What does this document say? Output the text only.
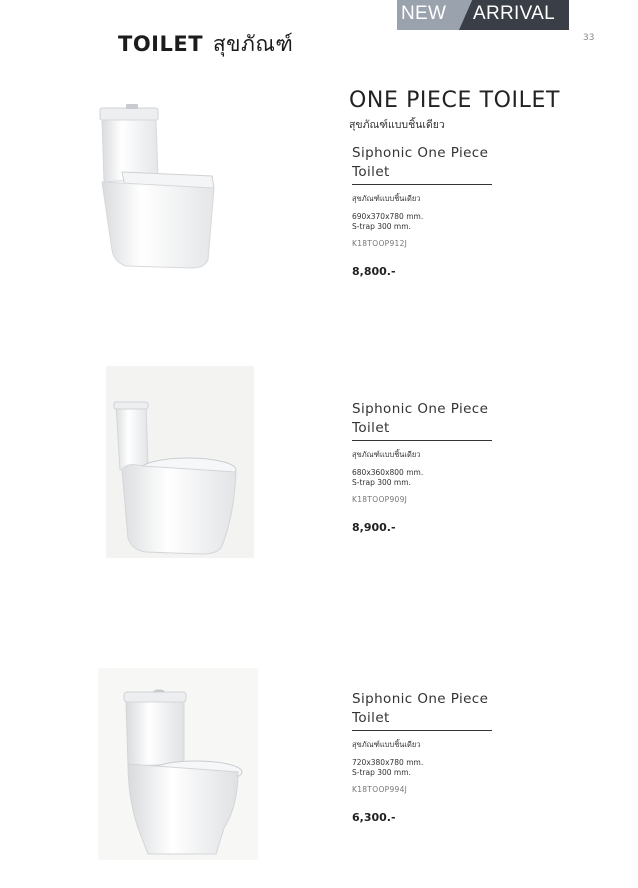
TOILET สุขภัณฑ์
NEW ARRIVAL
33
ONE PIECE TOILET
สุขภัณฑ์แบบชิ้นเดียว
Siphonic One Piece Toilet
สุขภัณฑ์แบบชิ้นเดียว
690x370x780 mm.
S-trap 300 mm.
K18TOOP912J
8,800.-
Siphonic One Piece Toilet
สุขภัณฑ์แบบชิ้นเดียว
680x360x800 mm.
S-trap 300 mm.
K18TOOP909J
8,900.-
Siphonic One Piece Toilet
สุขภัณฑ์แบบชิ้นเดียว
720x380x780 mm.
S-trap 300 mm.
K18TOOP994J
6,300.-
